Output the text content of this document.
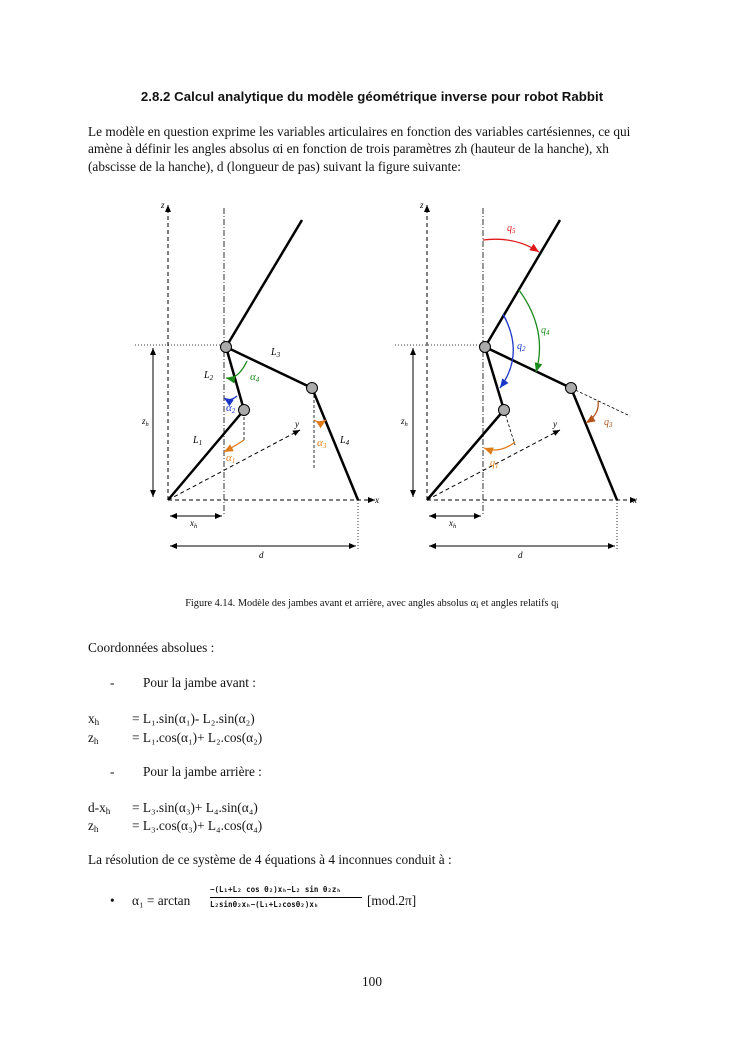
2.8.2 Calcul analytique du modèle géométrique inverse pour robot Rabbit
Le modèle en question exprime les variables articulaires en fonction des variables cartésiennes, ce qui amène à définir les angles absolus αi en fonction de trois paramètres zh (hauteur de la hanche), xh (abscisse de la hanche), d (longueur de pas) suivant la figure suivante:
z
x
y
$L_1$
$L_2$
$L_3$
$L_4$
α1
α2
α3
α4
$z_h$
$x_h$
d
z
x
y
$q_5$
$q_4$
$q_2$
$q_3$
$q_1$
$z_h$
$x_h$
d
Figure 4.14. Modèle des jambes avant et arrière, avec angles absolus $\alpha_i$ et angles relatifs $q_i$
Coordonnées absolues :
- Pour la jambe avant :
$x_h = L_1.\sin(\alpha_1)-$ L₂.sin(α₂)
$z_h$	= L₁.cos(α₁)+ L₂.cos(α₂)
- Pour la jambe arrière :
$d-x_h = L_3.\sin(\alpha_3)+ L_4.\sin(\alpha_4)$
$z_h$	= L₃.cos(α₃)+ L₄.cos(α₄)
La résolution de ce système de 4 équations à 4 inconnues conduit à :
• α₁ = arctan	$\frac{\text{−(L₁+L₂ cos θ₂)xₕ−L₂ sin θ₂zₕ}}{\text{L₂sinθ₂xₕ−(L₁+L₂cosθ₂)xₕ}} [mod.2\pi]$
100
